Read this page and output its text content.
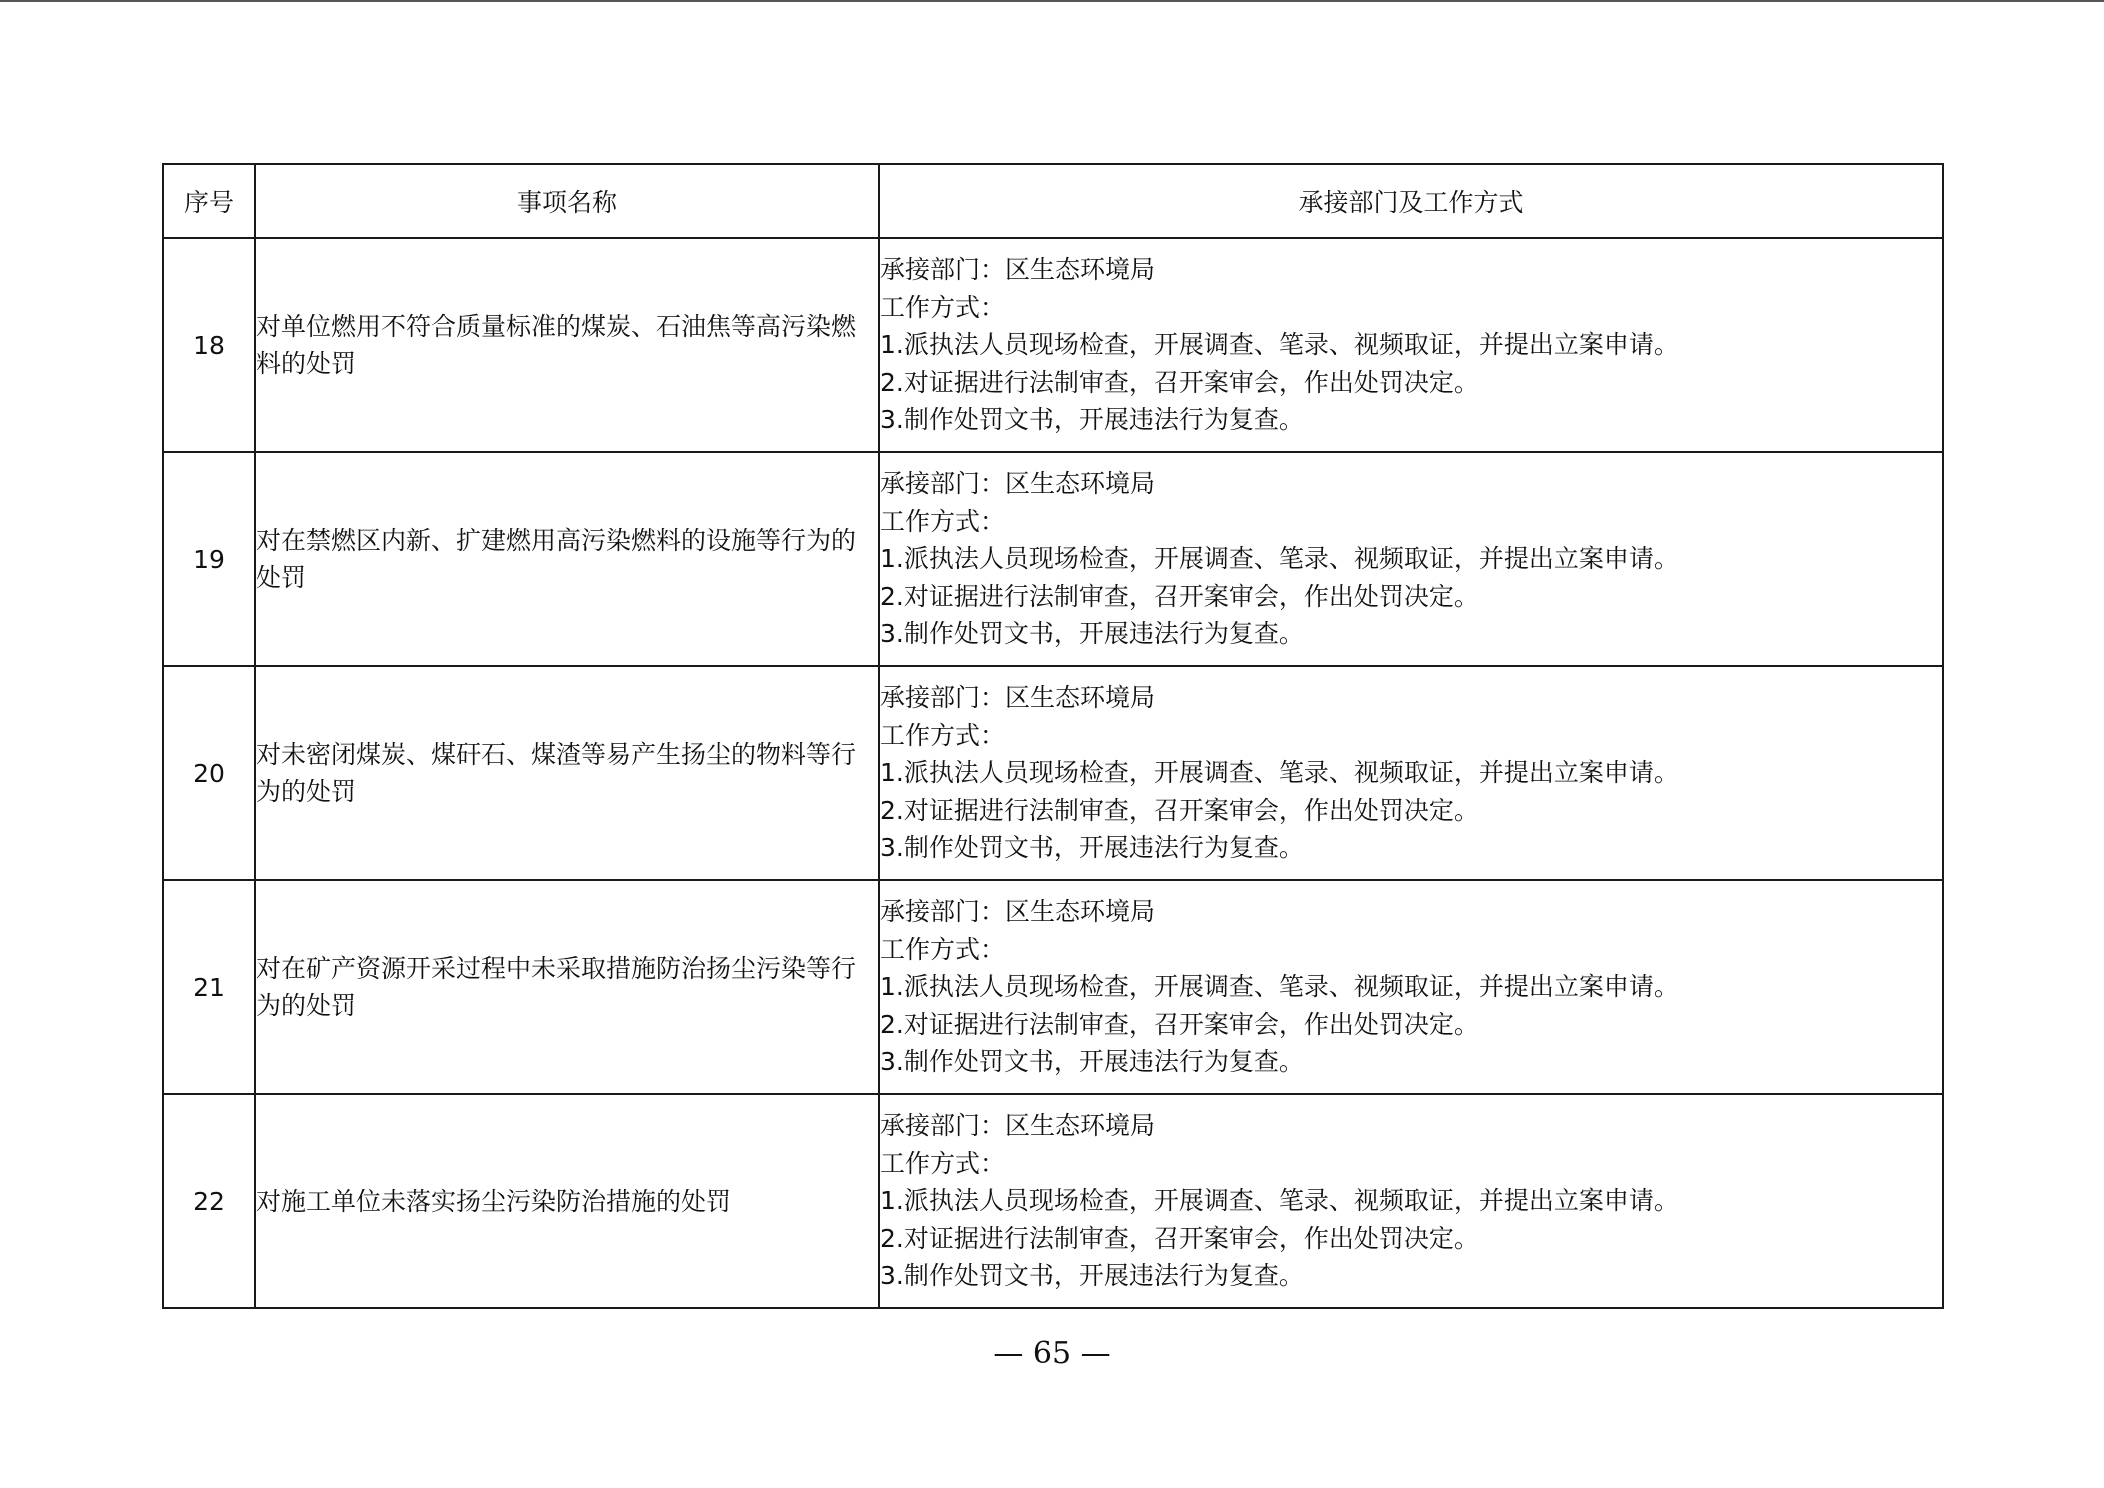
序号	事项名称	承接部门及工作方式
18	对单位燃用不符合质量标准的煤炭、石油焦等高污染燃料的处罚	承接部门：区生态环境局
工作方式：
1.派执法人员现场检查，开展调查、笔录、视频取证，并提出立案申请。
2.对证据进行法制审查，召开案审会，作出处罚决定。
3.制作处罚文书，开展违法行为复查。

19	对在禁燃区内新、扩建燃用高污染燃料的设施等行为的处罚	承接部门：区生态环境局
工作方式：
1.派执法人员现场检查，开展调查、笔录、视频取证，并提出立案申请。
2.对证据进行法制审查，召开案审会，作出处罚决定。
3.制作处罚文书，开展违法行为复查。

20	对未密闭煤炭、煤矸石、煤渣等易产生扬尘的物料等行为的处罚	承接部门：区生态环境局
工作方式：
1.派执法人员现场检查，开展调查、笔录、视频取证，并提出立案申请。
2.对证据进行法制审查，召开案审会，作出处罚决定。
3.制作处罚文书，开展违法行为复查。

21	对在矿产资源开采过程中未采取措施防治扬尘污染等行为的处罚	承接部门：区生态环境局
工作方式：
1.派执法人员现场检查，开展调查、笔录、视频取证，并提出立案申请。
2.对证据进行法制审查，召开案审会，作出处罚决定。
3.制作处罚文书，开展违法行为复查。

22	对施工单位未落实扬尘污染防治措施的处罚	承接部门：区生态环境局
工作方式：
1.派执法人员现场检查，开展调查、笔录、视频取证，并提出立案申请。
2.对证据进行法制审查，召开案审会，作出处罚决定。
3.制作处罚文书，开展违法行为复查。
— 65 —
